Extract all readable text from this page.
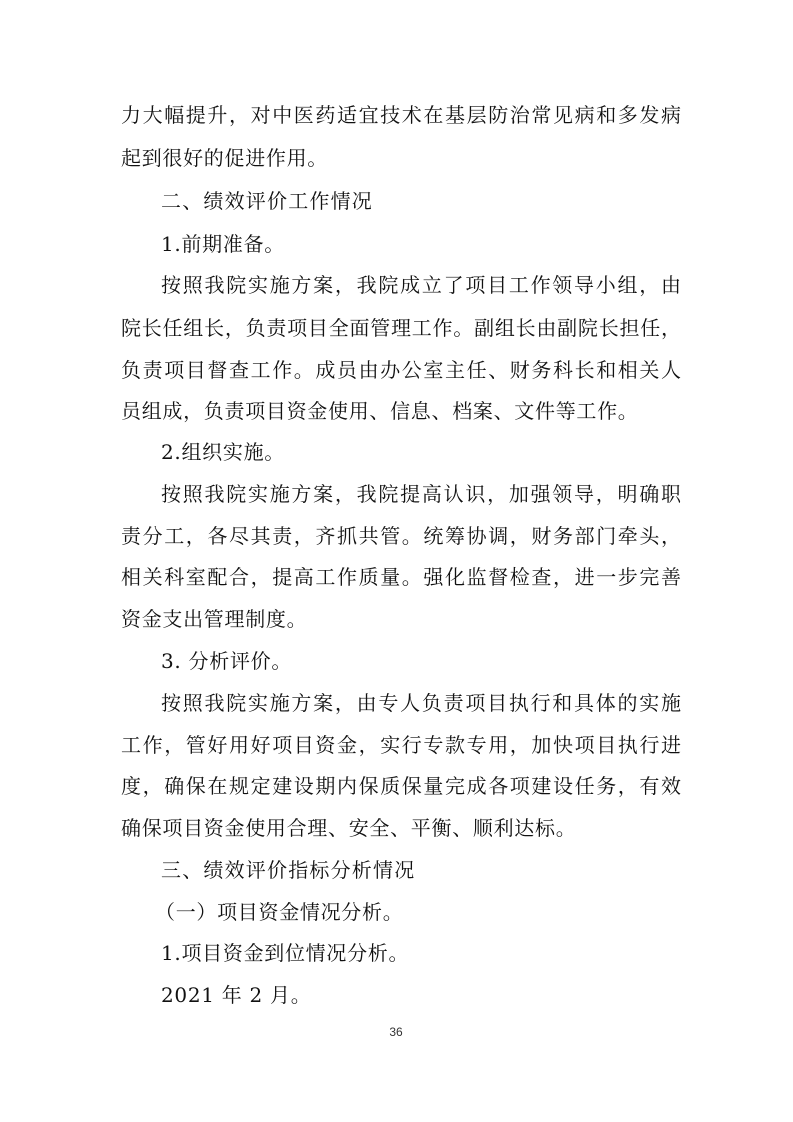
力大幅提升，对中医药适宜技术在基层防治常见病和多发病
起到很好的促进作用。
二、绩效评价工作情况
1.前期准备。
按照我院实施方案，我院成立了项目工作领导小组，由
院长任组长，负责项目全面管理工作。副组长由副院长担任，
负责项目督查工作。成员由办公室主任、财务科长和相关人
员组成，负责项目资金使用、信息、档案、文件等工作。
2.组织实施。
按照我院实施方案，我院提高认识，加强领导，明确职
责分工，各尽其责，齐抓共管。统筹协调，财务部门牵头，
相关科室配合，提高工作质量。强化监督检查，进一步完善
资金支出管理制度。
3. 分析评价。
按照我院实施方案，由专人负责项目执行和具体的实施
工作，管好用好项目资金，实行专款专用，加快项目执行进
度，确保在规定建设期内保质保量完成各项建设任务，有效
确保项目资金使用合理、安全、平衡、顺利达标。
三、绩效评价指标分析情况
（一）项目资金情况分析。
1.项目资金到位情况分析。
2021 年 2 月。
36
